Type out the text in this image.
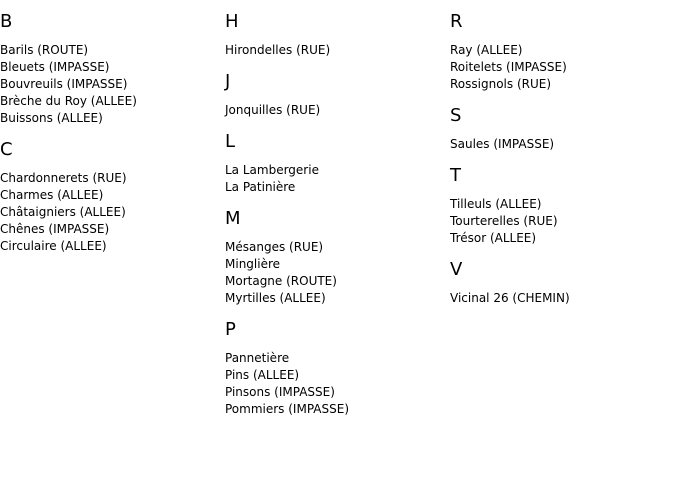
B
Barils (ROUTE)
Bleuets (IMPASSE)
Bouvreuils (IMPASSE)
Brèche du Roy (ALLEE)
Buissons (ALLEE)
C
Chardonnerets (RUE)
Charmes (ALLEE)
Châtaigniers (ALLEE)
Chênes (IMPASSE)
Circulaire (ALLEE)
H
Hirondelles (RUE)
J
Jonquilles (RUE)
L
La Lambergerie
La Patinière
M
Mésanges (RUE)
Minglière
Mortagne (ROUTE)
Myrtilles (ALLEE)
P
Pannetière
Pins (ALLEE)
Pinsons (IMPASSE)
Pommiers (IMPASSE)
R
Ray (ALLEE)
Roitelets (IMPASSE)
Rossignols (RUE)
S
Saules (IMPASSE)
T
Tilleuls (ALLEE)
Tourterelles (RUE)
Trésor (ALLEE)
V
Vicinal 26 (CHEMIN)
